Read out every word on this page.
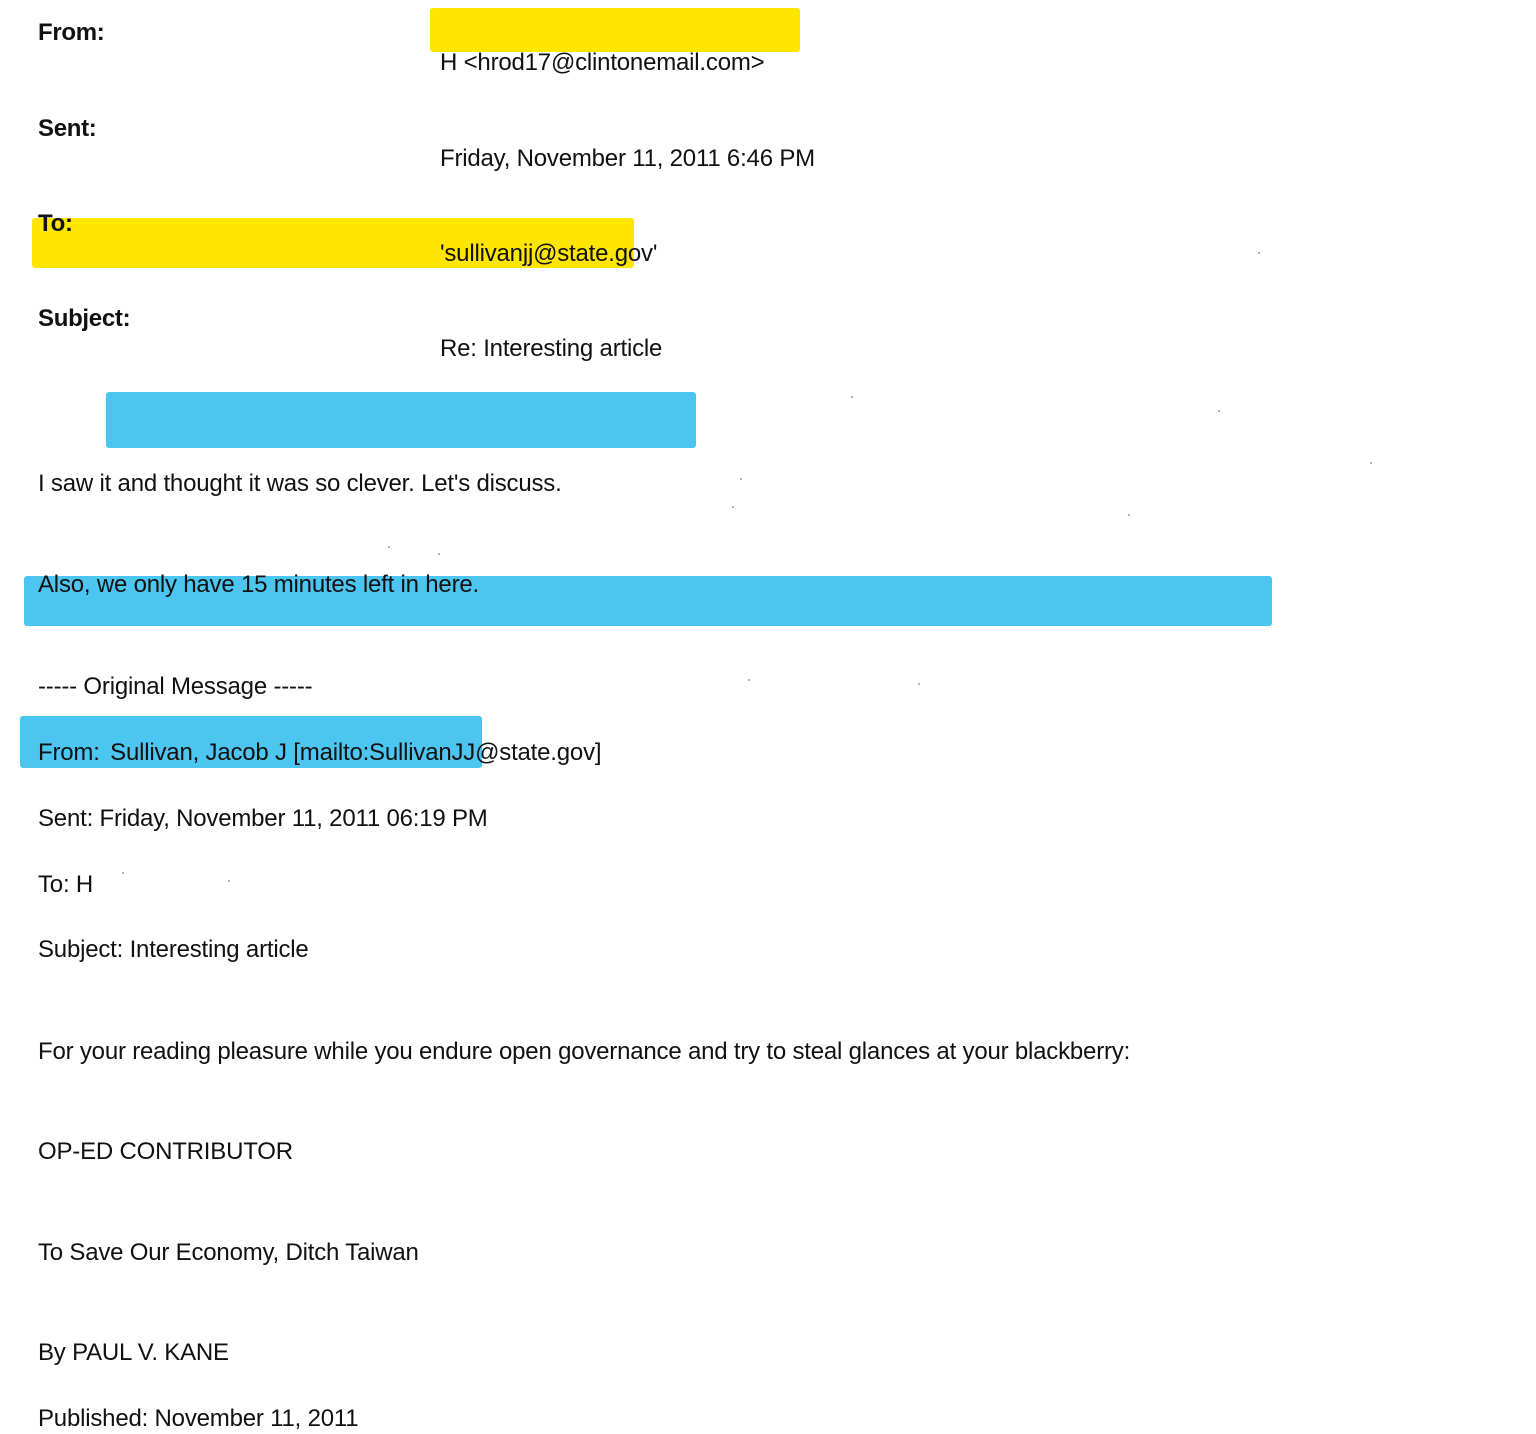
From:
H <hrod17@clintonemail.com>
Sent:
Friday, November 11, 2011 6:46 PM
To:
'sullivanjj@state.gov'
Subject:
Re: Interesting article
I saw it and thought it was so clever. Let's discuss.
Also, we only have 15 minutes left in here.
----- Original Message -----
From: Sullivan, Jacob J [mailto:SullivanJJ@state.gov]
Sent: Friday, November 11, 2011 06:19 PM
To: H
Subject: Interesting article
For your reading pleasure while you endure open governance and try to steal glances at your blackberry:
OP-ED CONTRIBUTOR
To Save Our Economy, Ditch Taiwan
By PAUL V. KANE
Published: November 11, 2011
